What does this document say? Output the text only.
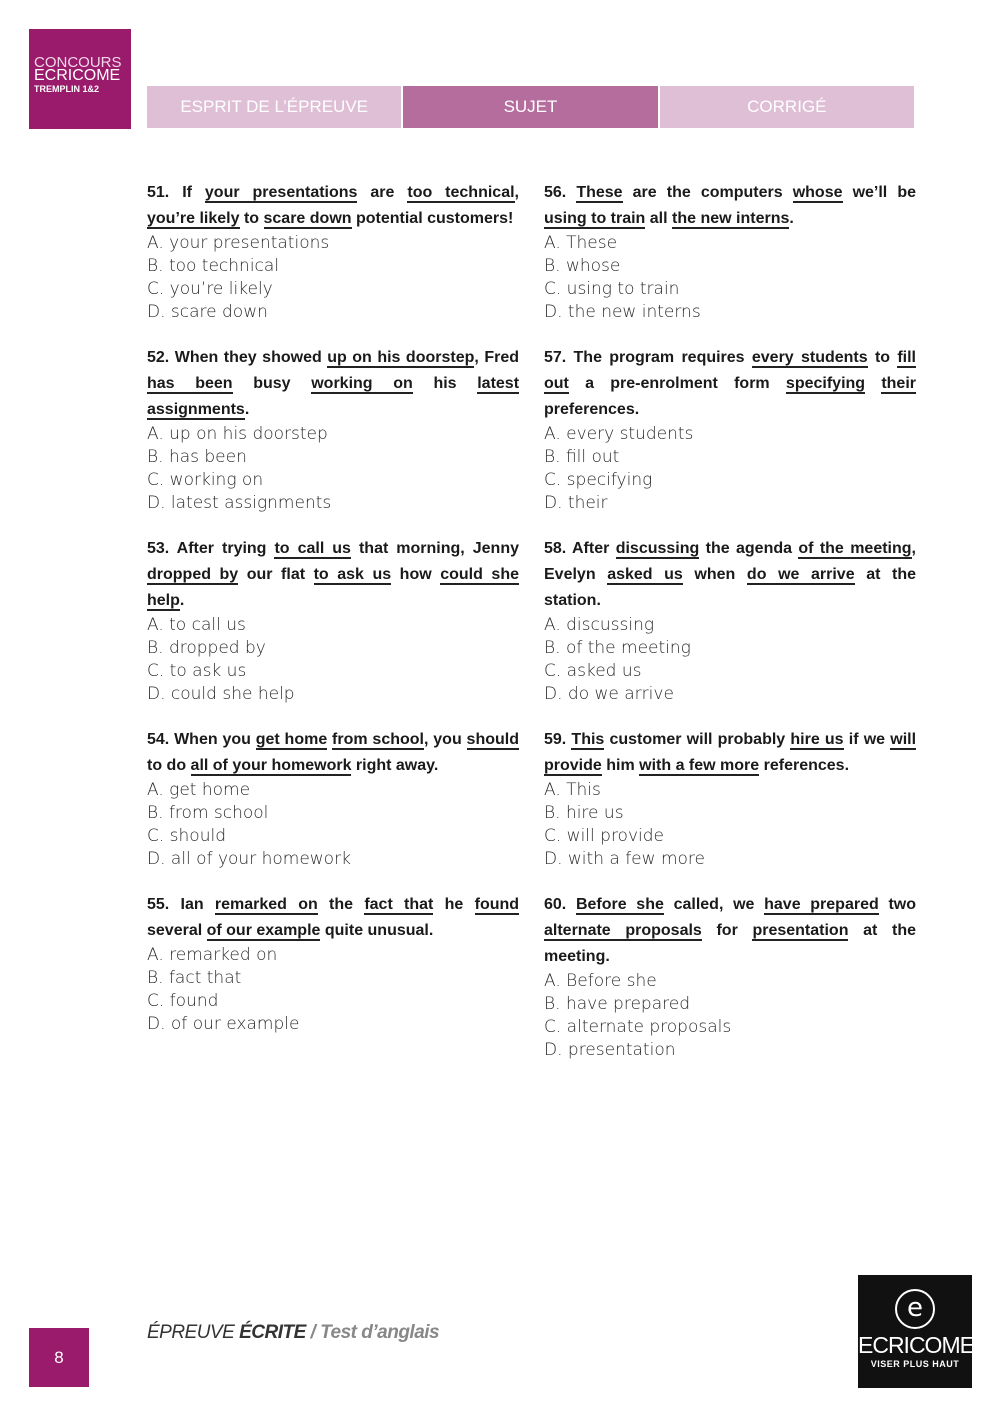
CONCOURS
ECRICOME
TREMPLIN 1&2
ESPRIT DE L’ÉPREUVE	SUJET	CORRIGÉ
51. If your presentations are too technical, you’re likely to scare down potential customers!
A. your presentations
B. too technical
C. you’re likely
D. scare down
52. When they showed up on his doorstep, Fred has been busy working on his latest assignments.
A. up on his doorstep
B. has been
C. working on
D. latest assignments
53. After trying to call us that morning, Jenny dropped by our flat to ask us how could she help.
A. to call us
B. dropped by
C. to ask us
D. could she help
54. When you get home from school, you should to do all of your homework right away.
A. get home
B. from school
C. should
D. all of your homework
55. Ian remarked on the fact that he found several of our example quite unusual.
A. remarked on
B. fact that
C. found
D. of our example
56. These are the computers whose we’ll be using to train all the new interns.
A. These
B. whose
C. using to train
D. the new interns
57. The program requires every students to fill out a pre-enrolment form specifying their preferences.
A. every students
B. fill out
C. specifying
D. their
58. After discussing the agenda of the meeting, Evelyn asked us when do we arrive at the station.
A. discussing
B. of the meeting
C. asked us
D. do we arrive
59. This customer will probably hire us if we will provide him with a few more references.
A. This
B. hire us
C. will provide
D. with a few more
60. Before she called, we have prepared two alternate proposals for presentation at the meeting.
A. Before she
B. have prepared
C. alternate proposals
D. presentation
8
ÉPREUVE ÉCRITE / Test d’anglais
e
ECRICOME
VISER PLUS HAUT
